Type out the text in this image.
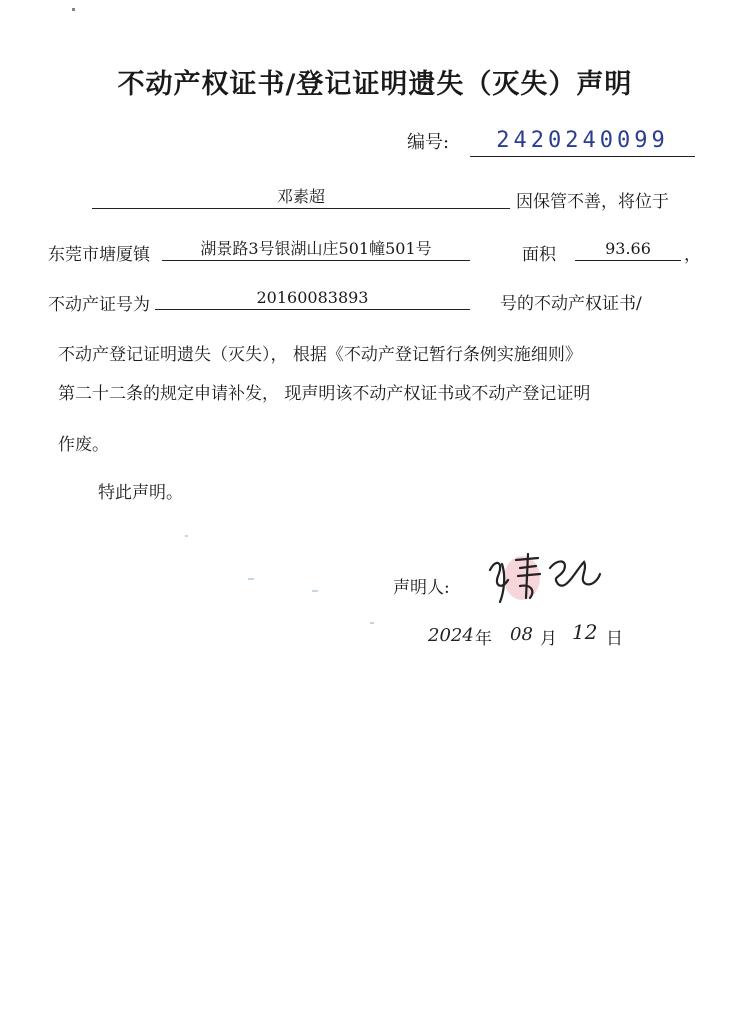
不动产权证书/登记证明遗失（灭失）声明
编号:	2420240099
邓素超	因保管不善，将位于
东莞市塘厦镇	湖景路3号银湖山庄501幢501号	面积	93.66	，
不动产证号为	20160083893	号的不动产权证书/
不动产登记证明遗失（灭失）， 根据《不动产登记暂行条例实施细则》
第二十二条的规定申请补发， 现声明该不动产权证书或不动产登记证明
作废。
特此声明。
声明人:
2024 年 08 月 12 日
